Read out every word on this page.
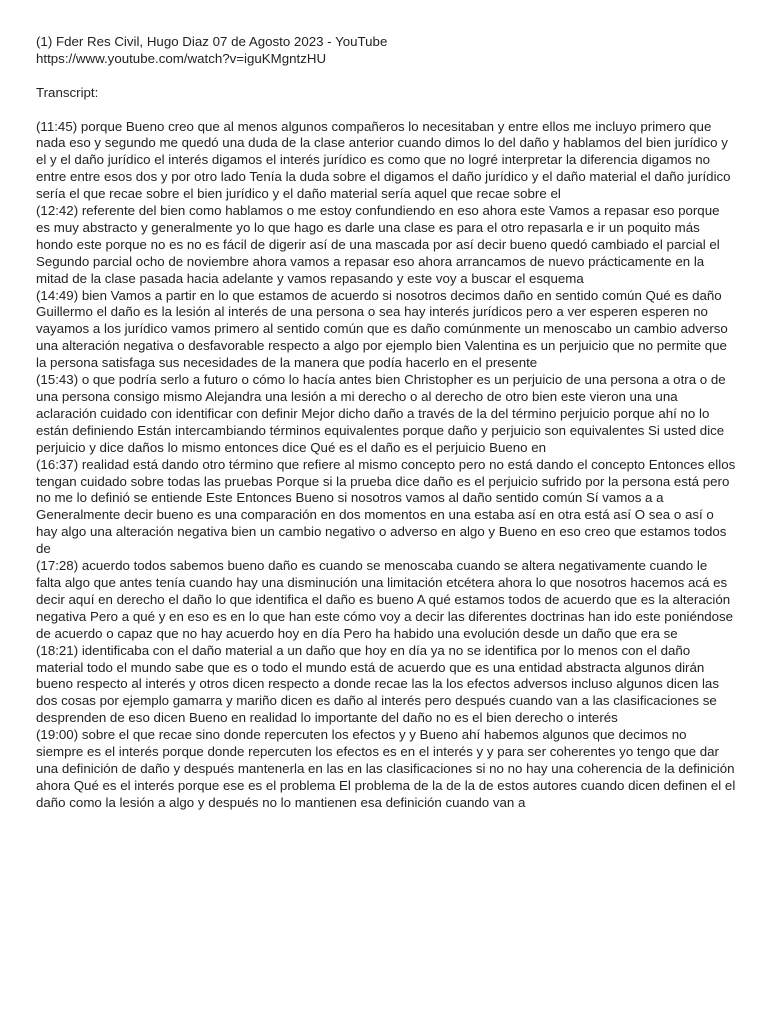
(1) Fder Res Civil, Hugo Diaz 07 de Agosto 2023 - YouTube

https://www.youtube.com/watch?v=iguKMgntzHU

Transcript:

(11:45) porque Bueno creo que al menos algunos compañeros lo necesitaban y entre ellos me incluyo primero que nada eso y segundo me quedó una duda de la clase anterior cuando dimos lo del daño y hablamos del bien jurídico y el y el daño jurídico el interés digamos el interés jurídico es como que no logré interpretar la diferencia digamos no entre entre esos dos y por otro lado Tenía la duda sobre el digamos el daño jurídico y el daño material el daño jurídico sería el que recae sobre el bien jurídico y el daño material sería aquel que recae sobre el

(12:42) referente del bien como hablamos o me estoy confundiendo en eso ahora este Vamos a repasar eso porque es muy abstracto y generalmente yo lo que hago es darle una clase es para el otro repasarla e ir un poquito más hondo este porque no es no es fácil de digerir así de una mascada por así decir bueno quedó cambiado el parcial el Segundo parcial ocho de noviembre ahora vamos a repasar eso ahora arrancamos de nuevo prácticamente en la mitad de la clase pasada hacia adelante y vamos repasando y este voy a buscar el esquema

(14:49) bien Vamos a partir en lo que estamos de acuerdo si nosotros decimos daño en sentido común Qué es daño Guillermo el daño es la lesión al interés de una persona o sea hay interés jurídicos pero a ver esperen esperen no vayamos a los jurídico vamos primero al sentido común que es daño comúnmente un menoscabo un cambio adverso una alteración negativa o desfavorable respecto a algo por ejemplo bien Valentina es un perjuicio que no permite que la persona satisfaga sus necesidades de la manera que podía hacerlo en el presente

(15:43) o que podría serlo a futuro o cómo lo hacía antes bien Christopher es un perjuicio de una persona a otra o de una persona consigo mismo Alejandra una lesión a mi derecho o al derecho de otro bien este vieron una una aclaración cuidado con identificar con definir Mejor dicho daño a través de la del término perjuicio porque ahí no lo están definiendo Están intercambiando términos equivalentes porque daño y perjuicio son equivalentes Si usted dice perjuicio y dice daños lo mismo entonces dice Qué es el daño es el perjuicio Bueno en

(16:37) realidad está dando otro término que refiere al mismo concepto pero no está dando el concepto Entonces ellos tengan cuidado sobre todas las pruebas Porque si la prueba dice daño es el perjuicio sufrido por la persona está pero no me lo definió se entiende Este Entonces Bueno si nosotros vamos al daño sentido común Sí vamos a a Generalmente decir bueno es una comparación en dos momentos en una estaba así en otra está así O sea o así o hay algo una alteración negativa bien un cambio negativo o adverso en algo y Bueno en eso creo que estamos todos de

(17:28) acuerdo todos sabemos bueno daño es cuando se menoscaba cuando se altera negativamente cuando le falta algo que antes tenía cuando hay una disminución una limitación etcétera ahora lo que nosotros hacemos acá es decir aquí en derecho el daño lo que identifica el daño es bueno A qué estamos todos de acuerdo que es la alteración negativa Pero a qué y en eso es en lo que han este cómo voy a decir las diferentes doctrinas han ido este poniéndose de acuerdo o capaz que no hay acuerdo hoy en día Pero ha habido una evolución desde un daño que era se

(18:21) identificaba con el daño material a un daño que hoy en día ya no se identifica por lo menos con el daño material todo el mundo sabe que es o todo el mundo está de acuerdo que es una entidad abstracta algunos dirán bueno respecto al interés y otros dicen respecto a donde recae las la los efectos adversos incluso algunos dicen las dos cosas por ejemplo gamarra y mariño dicen es daño al interés pero después cuando van a las clasificaciones se desprenden de eso dicen Bueno en realidad lo importante del daño no es el bien derecho o interés

(19:00) sobre el que recae sino donde repercuten los efectos y y Bueno ahí habemos algunos que decimos no siempre es el interés porque donde repercuten los efectos es en el interés y y para ser coherentes yo tengo que dar una definición de daño y después mantenerla en las en las clasificaciones si no no hay una coherencia de la definición ahora Qué es el interés porque ese es el problema El problema de la de la de estos autores cuando dicen definen el el daño como la lesión a algo y después no lo mantienen esa definición cuando van a
